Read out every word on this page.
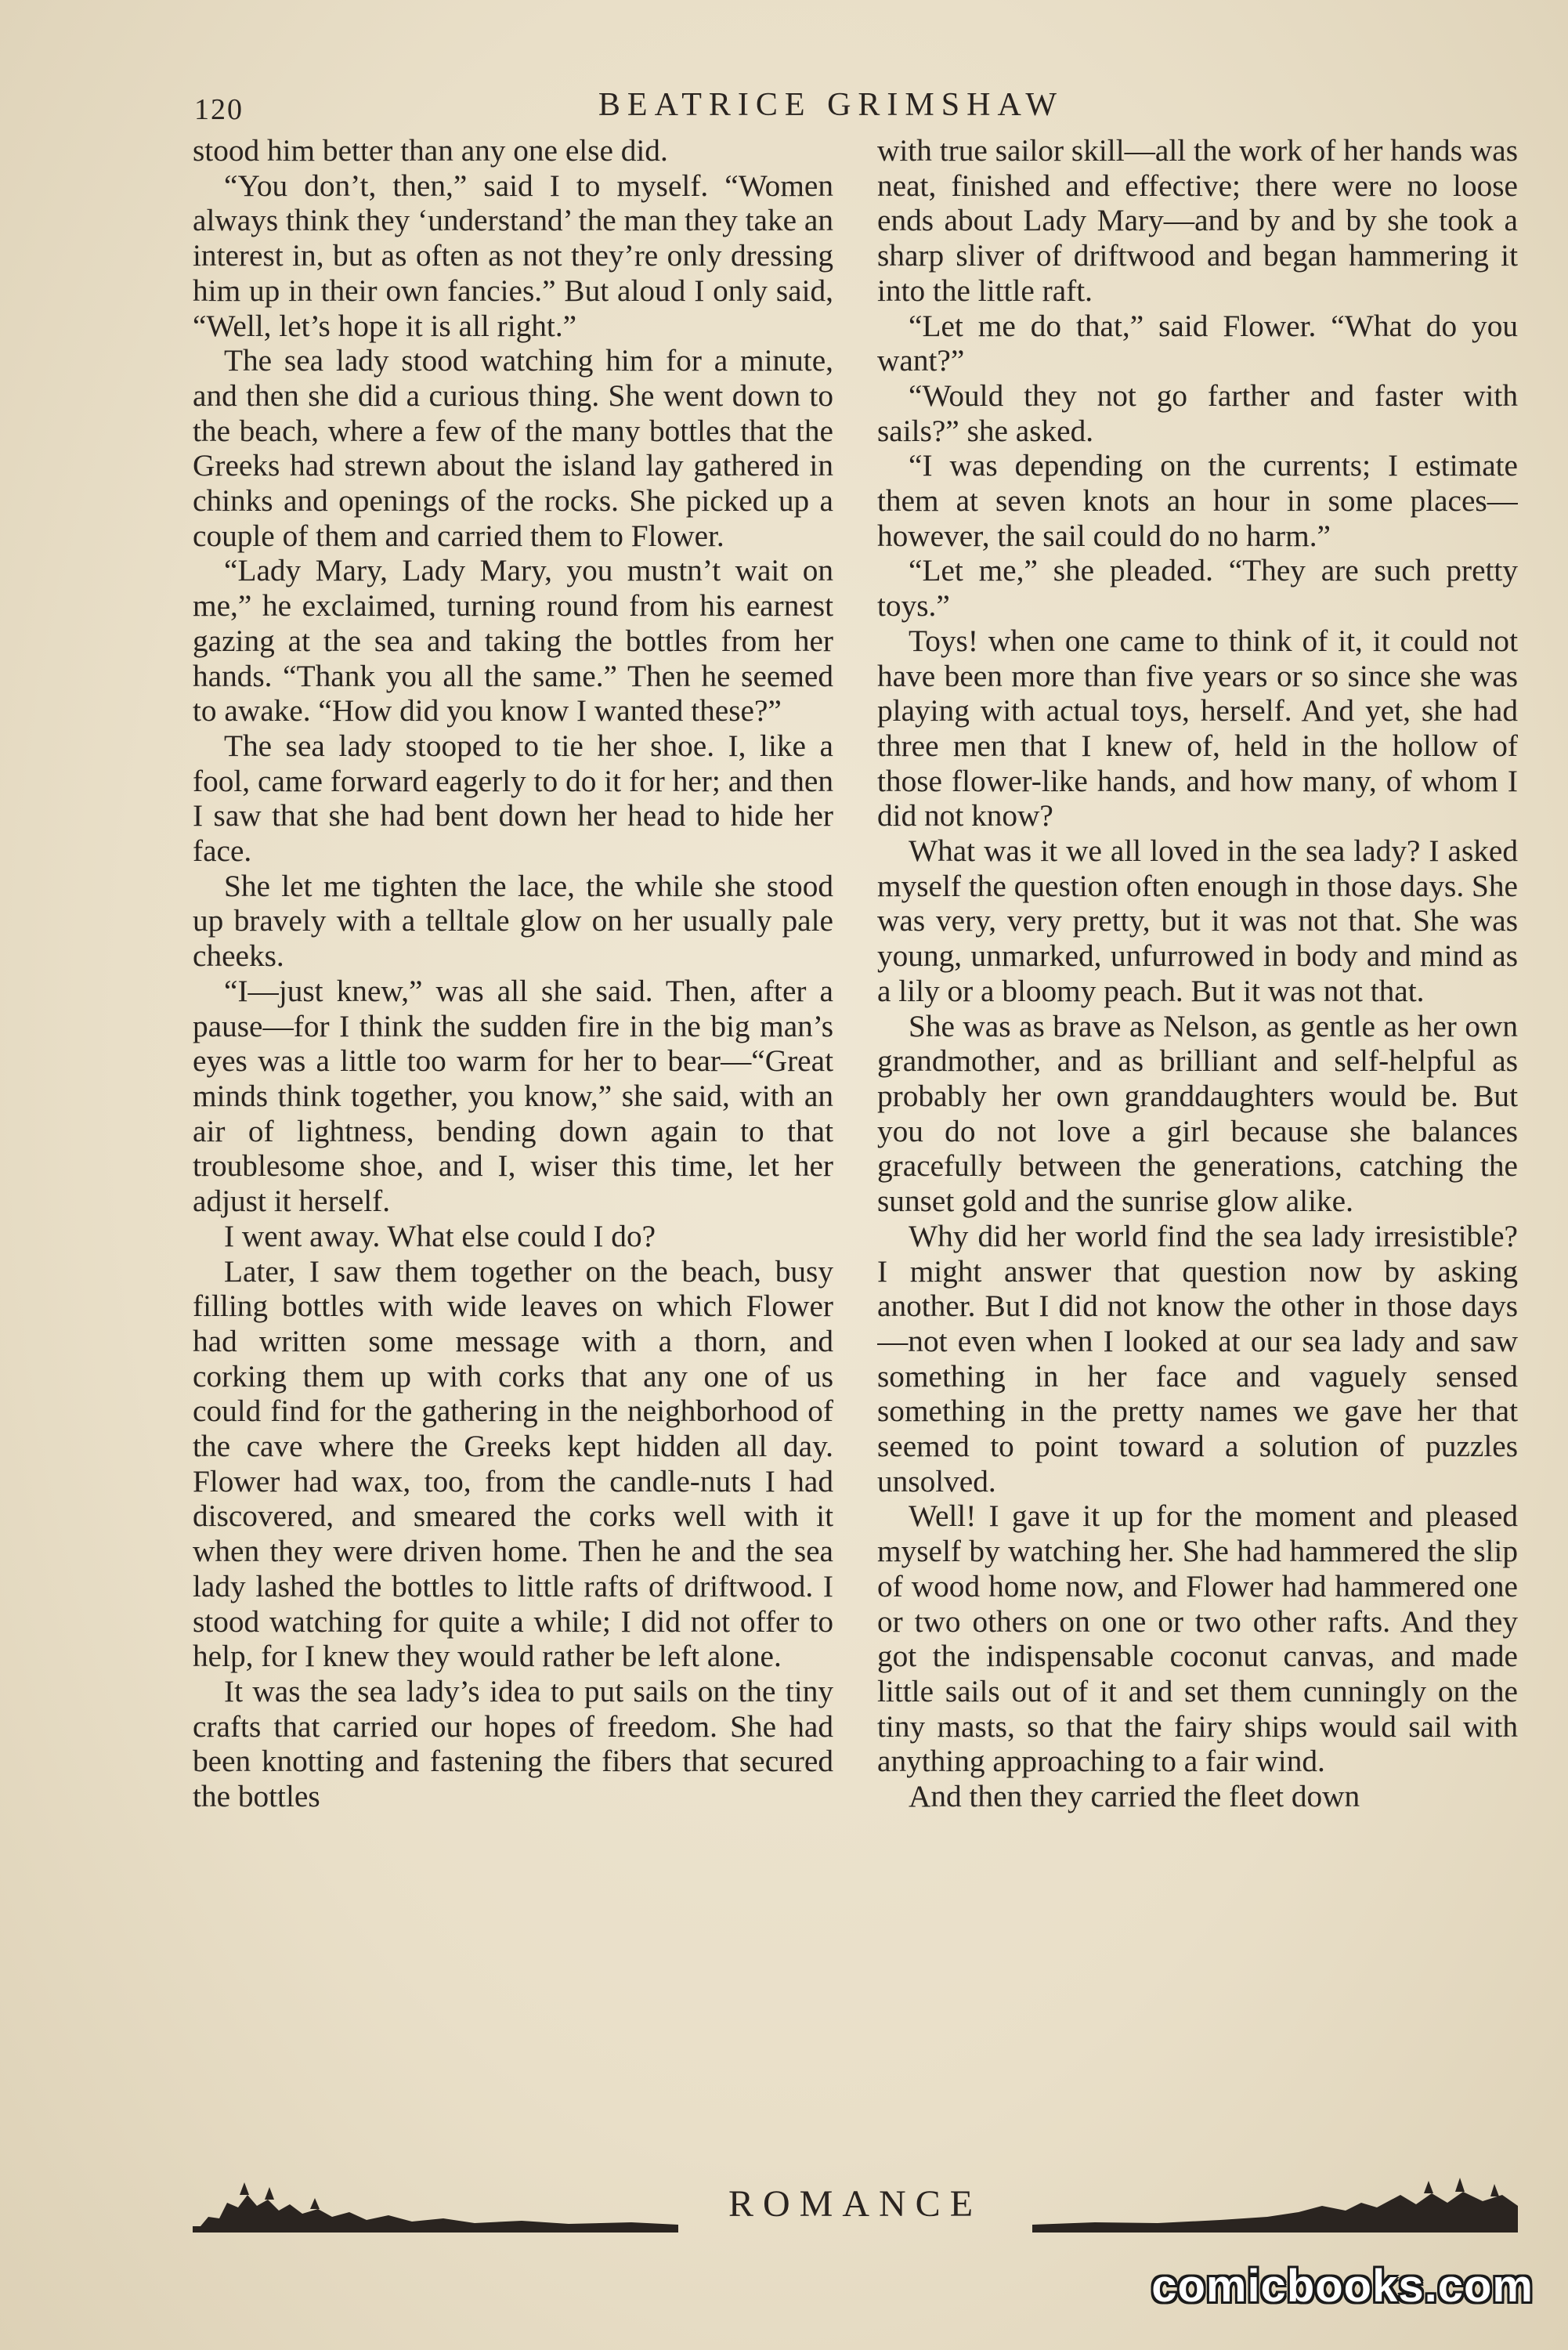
120	BEATRICE GRIMSHAW

stood him better than any one else did.

“You don’t, then,” said I to myself. “Women always think they ‘understand’ the man they take an interest in, but as often as not they’re only dressing him up in their own fancies.” But aloud I only said, “Well, let’s hope it is all right.”

The sea lady stood watching him for a minute, and then she did a curious thing. She went down to the beach, where a few of the many bottles that the Greeks had strewn about the island lay gathered in chinks and openings of the rocks. She picked up a couple of them and carried them to Flower.

“Lady Mary, Lady Mary, you mustn’t wait on me,” he exclaimed, turning round from his earnest gazing at the sea and taking the bottles from her hands. “Thank you all the same.” Then he seemed to awake. “How did you know I wanted these?”

The sea lady stooped to tie her shoe. I, like a fool, came forward eagerly to do it for her; and then I saw that she had bent down her head to hide her face.

She let me tighten the lace, the while she stood up bravely with a telltale glow on her usually pale cheeks.

“I—just knew,” was all she said. Then, after a pause—for I think the sudden fire in the big man’s eyes was a little too warm for her to bear—“Great minds think together, you know,” she said, with an air of lightness, bending down again to that troublesome shoe, and I, wiser this time, let her adjust it herself.

I went away. What else could I do?

Later, I saw them together on the beach, busy filling bottles with wide leaves on which Flower had written some message with a thorn, and corking them up with corks that any one of us could find for the gathering in the neighborhood of the cave where the Greeks kept hidden all day. Flower had wax, too, from the candle-nuts I had discovered, and smeared the corks well with it when they were driven home. Then he and the sea lady lashed the bottles to little rafts of driftwood. I stood watching for quite a while; I did not offer to help, for I knew they would rather be left alone.

It was the sea lady’s idea to put sails on the tiny crafts that carried our hopes of freedom. She had been knotting and fastening the fibers that secured the bottles

with true sailor skill—all the work of her hands was neat, finished and effective; there were no loose ends about Lady Mary—and by and by she took a sharp sliver of driftwood and began hammering it into the little raft.

“Let me do that,” said Flower. “What do you want?”

“Would they not go farther and faster with sails?” she asked.

“I was depending on the currents; I estimate them at seven knots an hour in some places—however, the sail could do no harm.”

“Let me,” she pleaded. “They are such pretty toys.”

Toys! when one came to think of it, it could not have been more than five years or so since she was playing with actual toys, herself. And yet, she had three men that I knew of, held in the hollow of those flower-like hands, and how many, of whom I did not know?

What was it we all loved in the sea lady? I asked myself the question often enough in those days. She was very, very pretty, but it was not that. She was young, unmarked, unfurrowed in body and mind as a lily or a bloomy peach. But it was not that.

She was as brave as Nelson, as gentle as her own grandmother, and as brilliant and self-helpful as probably her own granddaughters would be. But you do not love a girl because she balances gracefully between the generations, catching the sunset gold and the sunrise glow alike.

Why did her world find the sea lady irresistible? I might answer that question now by asking another. But I did not know the other in those days—not even when I looked at our sea lady and saw something in her face and vaguely sensed something in the pretty names we gave her that seemed to point toward a solution of puzzles unsolved.

Well! I gave it up for the moment and pleased myself by watching her. She had hammered the slip of wood home now, and Flower had hammered one or two others on one or two other rafts. And they got the indispensable coconut canvas, and made little sails out of it and set them cunningly on the tiny masts, so that the fairy ships would sail with anything approaching to a fair wind.

And then they carried the fleet down

ROMANCE
comicbooks.com
